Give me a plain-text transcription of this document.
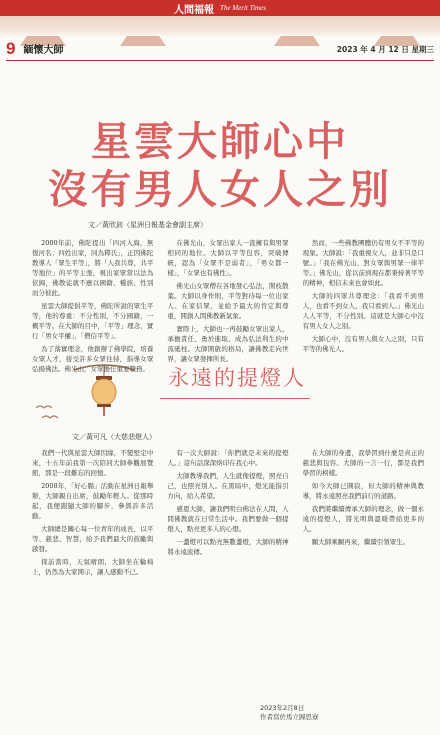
人間福報 The Merit Times
9 緬懷大師	2023 年 4 月 12 日 星期三
星雲大師心中
沒有男人女人之別
文／黃欣釗（星洲日報基金會副主席）

2000年前，佛陀提出「四河入海，無復河名；四姓出家，同為釋氏」，正因佛陀教導人「眾生平等」，將「人我共尊，共平等地位」的平等主張，視出家眾當以法為依歸，佛教徒就不應以國籍、種族、性別而分彼此。

星雲大師提倡平等，佛陀所說的眾生平等，他的尊重：不分性別，不分國籍，一概平等。在大師的目中，「平等」理念，實行「男女平權」，「僧信平等」。

為了落實理念，他創辦了佛學院，培養女眾人才，接受許多女眾住持，指導女眾弘揚佛法。佛光山，女眾擔任重要職務。

在佛光山，女眾出家人一直擁有與男眾相同的地位。大師以平等包容，突破傳統，認為「女眾不是弱者」，「男女都一樣」，「女眾也有佛性」。

佛光山女眾僧在各地發心弘法，開枝散葉。大師以身作則，平等對待每一位出家人、在家信眾，並給予最大的肯定與尊重，開創人間佛教新氣象。

實際上，大師也一再鼓勵女眾出家人，承擔責任、勇於進取，成為弘法利生的中流砥柱。大師開啟的格局，讓佛教走向世界，讓女眾發揮所長。

然而，一些佛教團體仍有男女不平等的現象。大師說：「我重視女人，並非只是口號。」「我在佛光山，對女眾與男眾一律平等。」佛光山，從以前到現在都秉持著平等的精神，相信未來也會如此。

大師的四眾共尊理念：「我看不到男人，也看不到女人，我只看到人。」佛光山人人平等，不分性別。這就是大師心中沒有男人女人之別。

大師心中，沒有男人與女人之別，只有平等的佛光人。

永遠的提燈人
文／黃可凡（大慈悲燈人）

我們一代與星雲大師因緣，不變堅定中來，十五年前我第一次陪同大師參觀展覽館，那是一段難忘的回憶。

2008年，「好心腸」活動在星洲日報舉辦，大師親自出席，鼓勵年輕人。從那時起，我便跟隨大師的腳步，參與許多活動。

大師總是關心每一位青年的成長，以平等、慈悲、智慧，給予我們最大的鼓勵與啟發。

探訪當時，天氣晴朗，大師坐在輪椅上，仍然為大家開示，讓人感動不已。

有一次大師說：「你們就是未來的提燈人。」這句話深深烙印在我心中。

大師教導我們，人生就像提燈，照亮自己，也照亮別人。在黑暗中，燈光能指引方向，給人希望。

感恩大師，讓我們明白佛法在人間，人間佛教就在日常生活中。我們要做一個提燈人，點亮更多人的心燈。

一盞燈可以點亮無數盞燈，大師的精神將永遠流傳。

在大師的身邊，我學習到什麼是真正的慈悲與包容。大師的一言一行，都是我們學習的榜樣。

如今大師已圓寂，但大師的精神與教導，將永遠照亮我們前行的道路。

我們將繼續傳承大師的理念，做一個永遠的提燈人，將光明與溫暖帶給更多的人。

願大師乘願再來，繼續引領眾生。

2023年2月8日
作者寫於馬立歸思寮
